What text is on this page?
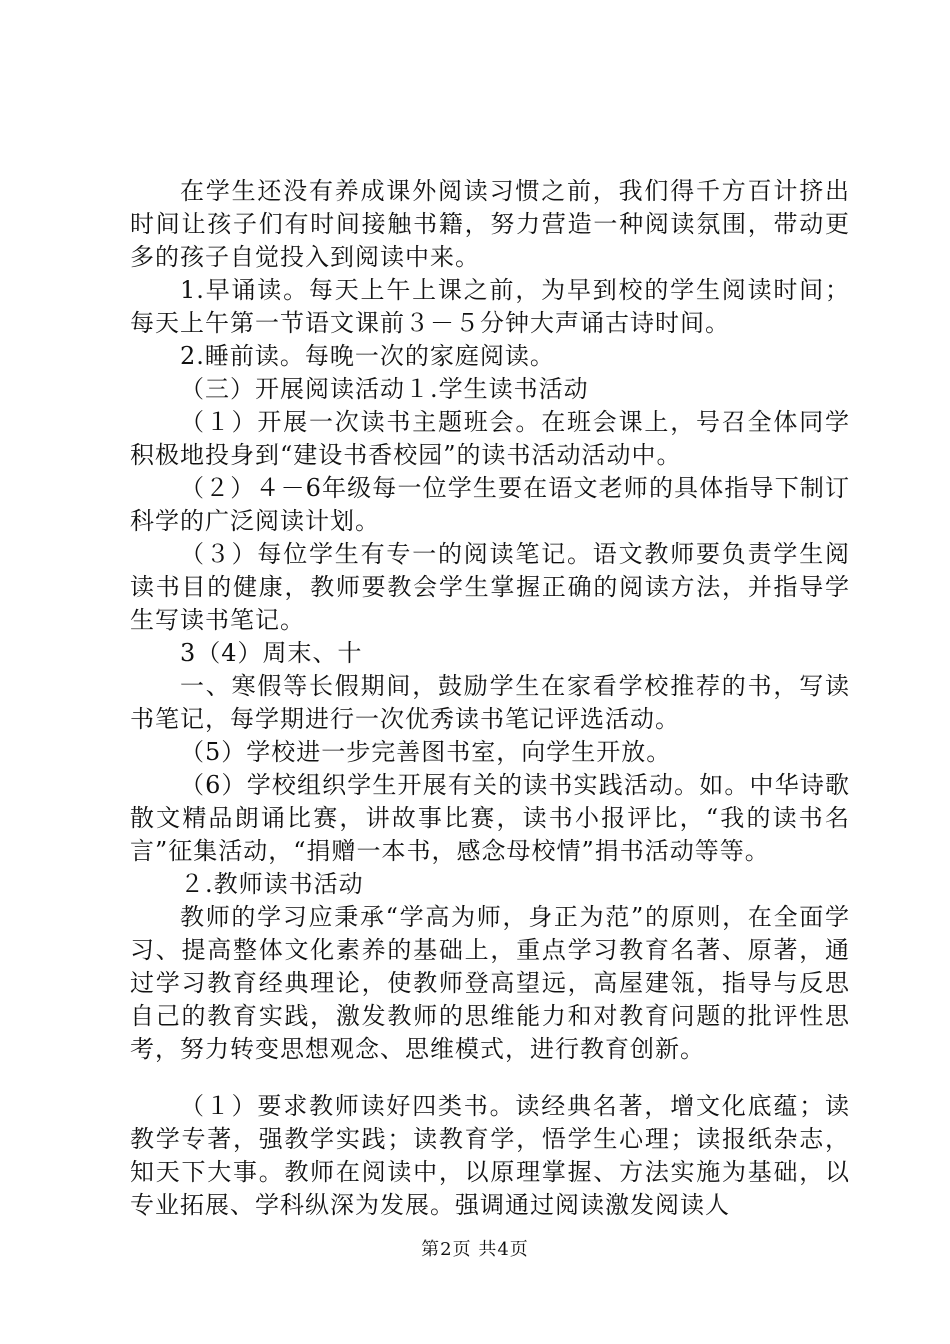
在学生还没有养成课外阅读习惯之前，我们得千方百计挤出时间让孩子们有时间接触书籍，努力营造一种阅读氛围，带动更多的孩子自觉投入到阅读中来。

1.早诵读。每天上午上课之前，为早到校的学生阅读时间；每天上午第一节语文课前３－５分钟大声诵古诗时间。

2.睡前读。每晚一次的家庭阅读。

（三）开展阅读活动１.学生读书活动

（１）开展一次读书主题班会。在班会课上，号召全体同学积极地投身到“建设书香校园”的读书活动活动中。

（２）４－6年级每一位学生要在语文老师的具体指导下制订科学的广泛阅读计划。

（３）每位学生有专一的阅读笔记。语文教师要负责学生阅读书目的健康，教师要教会学生掌握正确的阅读方法，并指导学生写读书笔记。

3（4）周末、十

一、寒假等长假期间，鼓励学生在家看学校推荐的书，写读书笔记，每学期进行一次优秀读书笔记评选活动。

（5）学校进一步完善图书室，向学生开放。

（6）学校组织学生开展有关的读书实践活动。如。中华诗歌散文精品朗诵比赛，讲故事比赛，读书小报评比，“我的读书名言”征集活动，“捐赠一本书，感念母校情”捐书活动等等。

２.教师读书活动

教师的学习应秉承“学高为师，身正为范”的原则，在全面学习、提高整体文化素养的基础上，重点学习教育名著、原著，通过学习教育经典理论，使教师登高望远，高屋建瓴，指导与反思自己的教育实践，激发教师的思维能力和对教育问题的批评性思考，努力转变思想观念、思维模式，进行教育创新。

（１）要求教师读好四类书。读经典名著，增文化底蕴；读教学专著，强教学实践；读教育学，悟学生心理；读报纸杂志，知天下大事。教师在阅读中，以原理掌握、方法实施为基础，以专业拓展、学科纵深为发展。强调通过阅读激发阅读人

第2页 共4页
